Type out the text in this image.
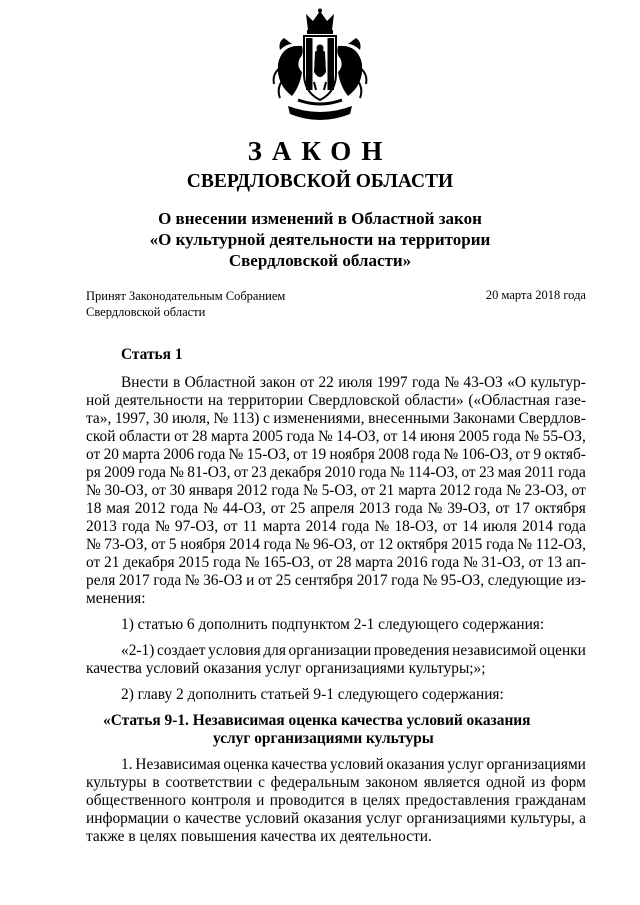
ЗАКОН
СВЕРДЛОВСКОЙ ОБЛАСТИ
О внесении изменений в Областной закон
«О культурной деятельности на территории
Свердловской области»
Принят Законодательным Собранием
Свердловской области
20 марта 2018 года
Статья 1
Внести в Областной закон от 22 июля 1997 года № 43-ОЗ «О культур-
ной деятельности на территории Свердловской области» («Областная газе-
та», 1997, 30 июля, № 113) с изменениями, внесенными Законами Свердлов-
ской области от 28 марта 2005 года № 14-ОЗ, от 14 июня 2005 года № 55-ОЗ,
от 20 марта 2006 года № 15-ОЗ, от 19 ноября 2008 года № 106-ОЗ, от 9 октяб-
ря 2009 года № 81-ОЗ, от 23 декабря 2010 года № 114-ОЗ, от 23 мая 2011 года
№ 30-ОЗ, от 30 января 2012 года № 5-ОЗ, от 21 марта 2012 года № 23-ОЗ, от
18 мая 2012 года № 44-ОЗ, от 25 апреля 2013 года № 39-ОЗ, от 17 октября
2013 года № 97-ОЗ, от 11 марта 2014 года № 18-ОЗ, от 14 июля 2014 года
№ 73-ОЗ, от 5 ноября 2014 года № 96-ОЗ, от 12 октября 2015 года № 112-ОЗ,
от 21 декабря 2015 года № 165-ОЗ, от 28 марта 2016 года № 31-ОЗ, от 13 ап-
реля 2017 года № 36-ОЗ и от 25 сентября 2017 года № 95-ОЗ, следующие из-
менения:
1) статью 6 дополнить подпунктом 2-1 следующего содержания:
«2-1) создает условия для организации проведения независимой оценки
качества условий оказания услуг организациями культуры;»;
2) главу 2 дополнить статьей 9-1 следующего содержания:
«Статья 9-1. Независимая оценка качества условий оказания
услуг организациями культуры
1. Независимая оценка качества условий оказания услуг организациями
культуры в соответствии с федеральным законом является одной из форм
общественного контроля и проводится в целях предоставления гражданам
информации о качестве условий оказания услуг организациями культуры, а
также в целях повышения качества их деятельности.
